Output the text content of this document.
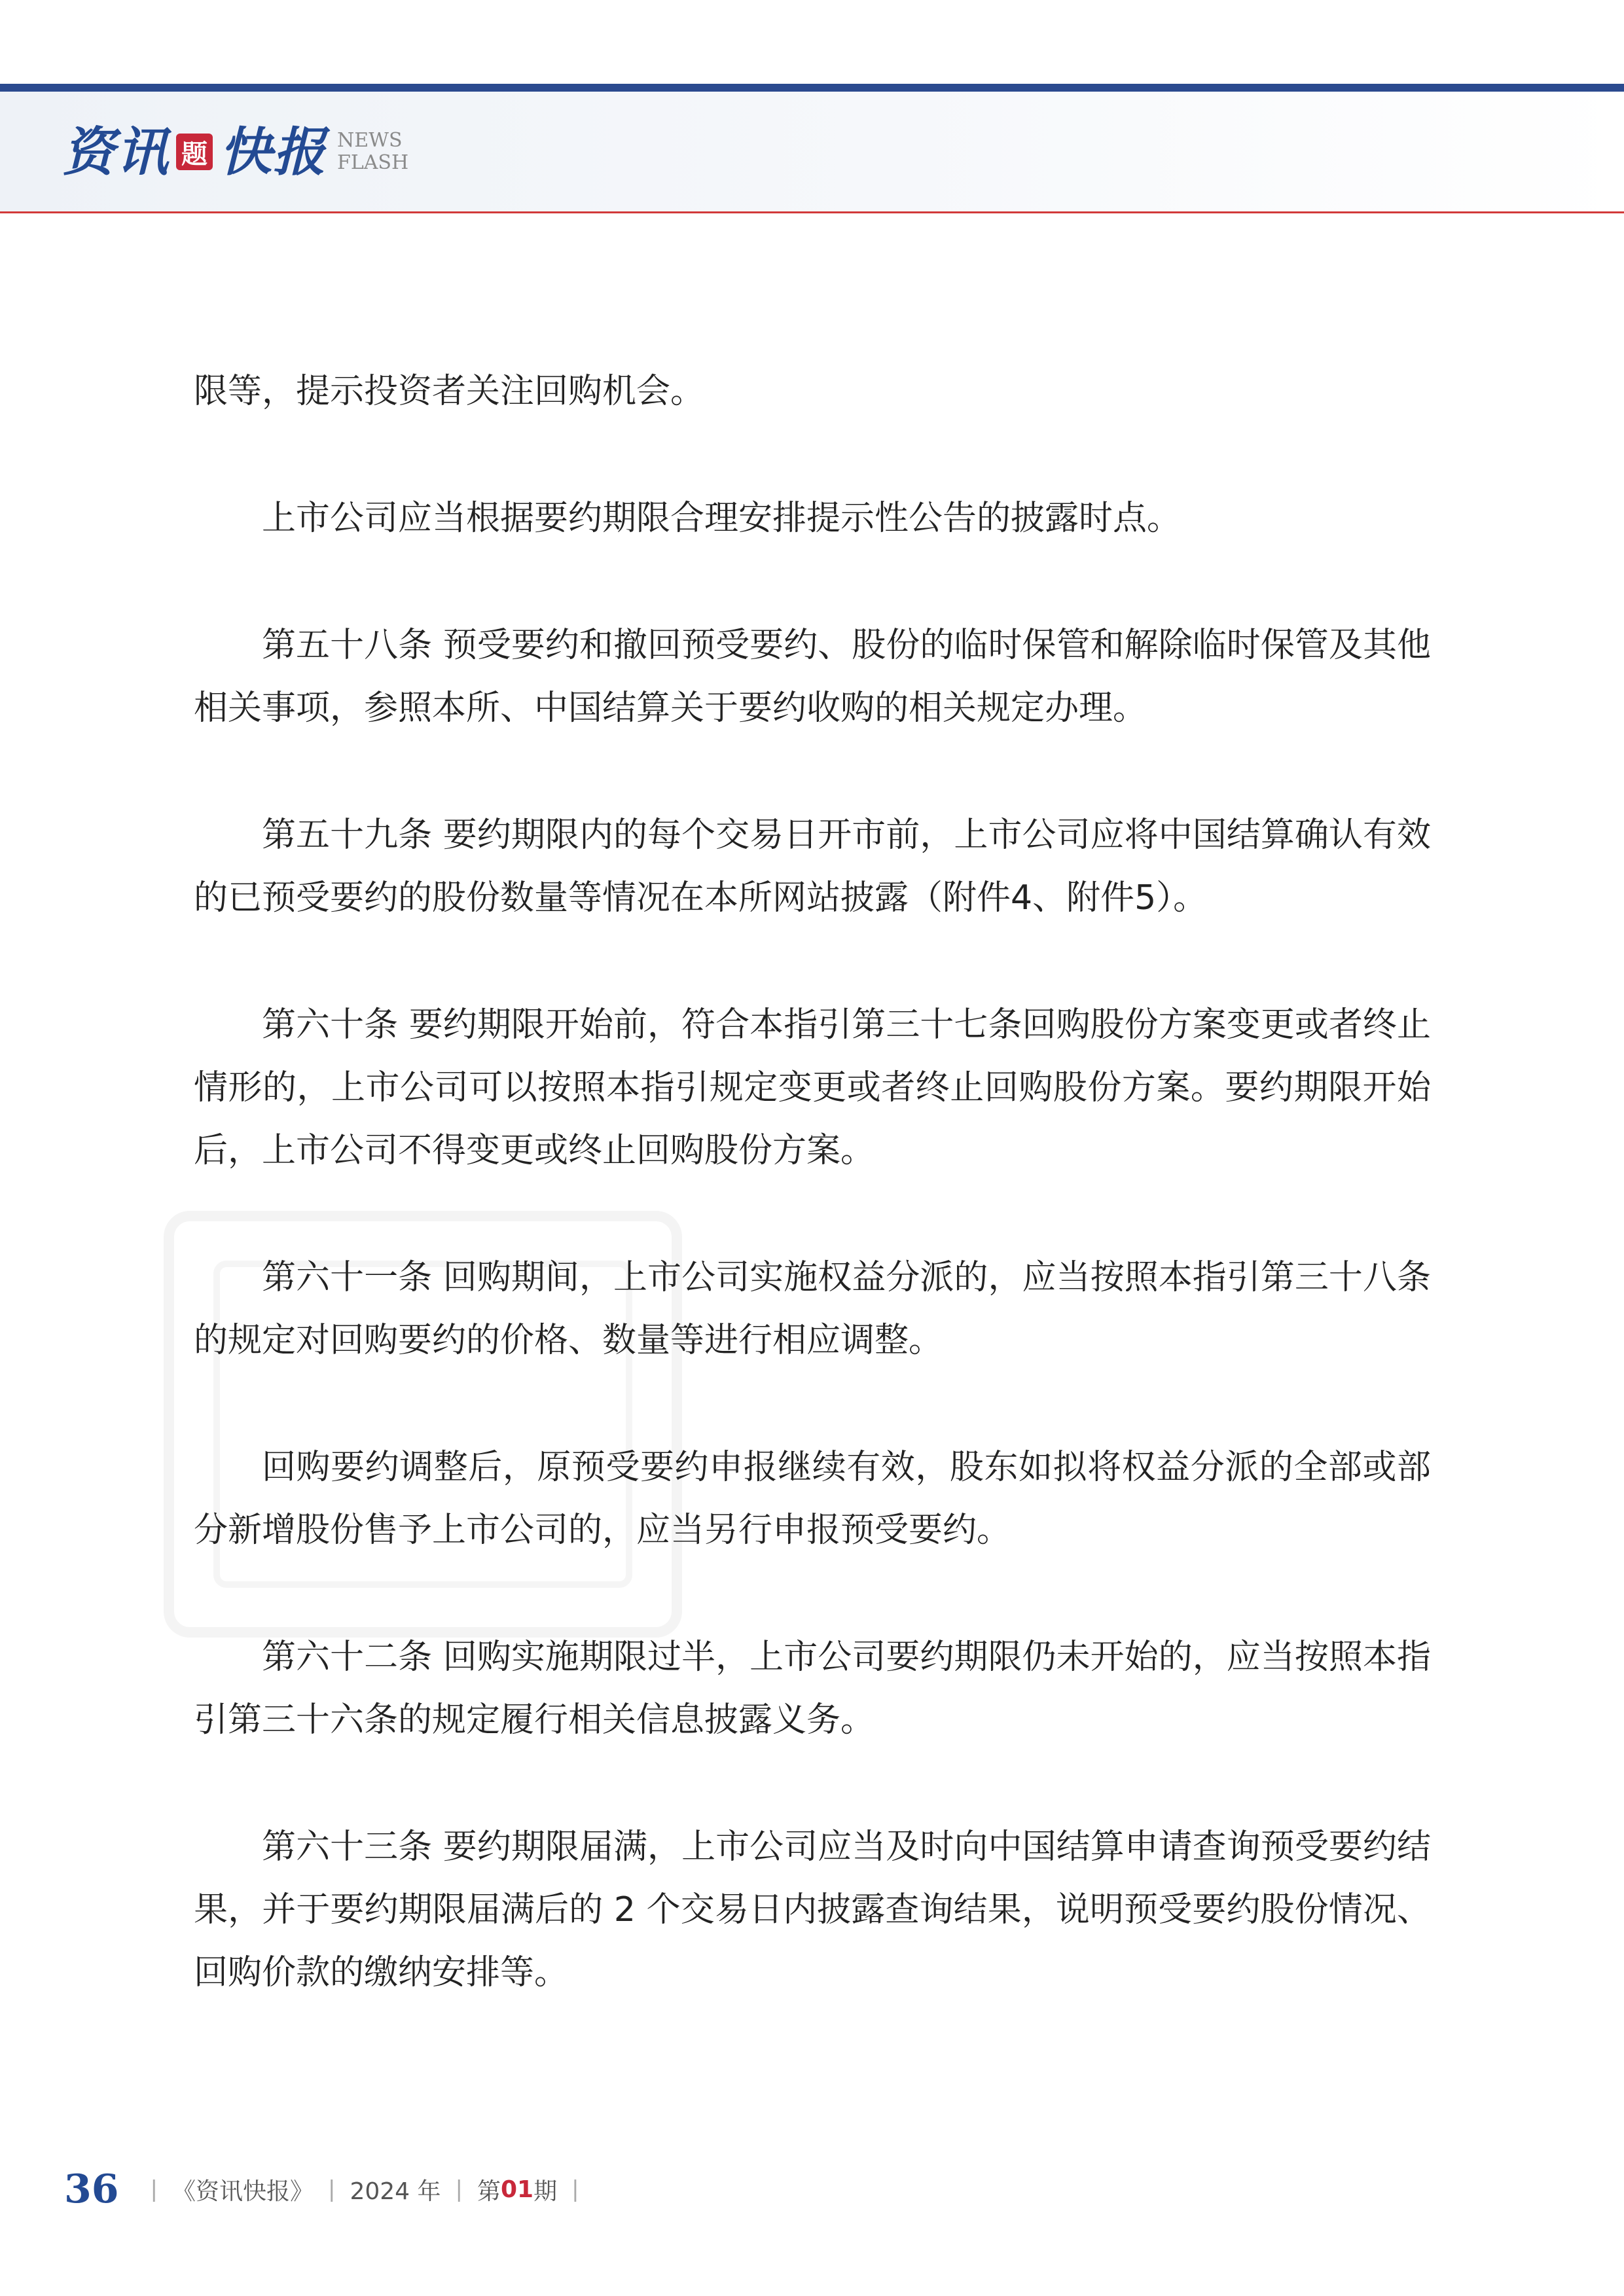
资讯 题 快报 NEWS
FLASH

限等，提示投资者关注回购机会。

上市公司应当根据要约期限合理安排提示性公告的披露时点。

第五十八条 预受要约和撤回预受要约、股份的临时保管和解除临时保管及其他相关事项，参照本所、中国结算关于要约收购的相关规定办理。

第五十九条 要约期限内的每个交易日开市前，上市公司应将中国结算确认有效的已预受要约的股份数量等情况在本所网站披露（附件4、附件5）。

第六十条 要约期限开始前，符合本指引第三十七条回购股份方案变更或者终止情形的，上市公司可以按照本指引规定变更或者终止回购股份方案。要约期限开始后，上市公司不得变更或终止回购股份方案。

第六十一条 回购期间，上市公司实施权益分派的，应当按照本指引第三十八条的规定对回购要约的价格、数量等进行相应调整。

回购要约调整后，原预受要约申报继续有效，股东如拟将权益分派的全部或部分新增股份售予上市公司的，应当另行申报预受要约。

第六十二条 回购实施期限过半，上市公司要约期限仍未开始的，应当按照本指引第三十六条的规定履行相关信息披露义务。

第六十三条 要约期限届满，上市公司应当及时向中国结算申请查询预受要约结果，并于要约期限届满后的 2 个交易日内披露查询结果，说明预受要约股份情况、回购价款的缴纳安排等。

36 | 《资讯快报》 | 2024 年 | 第 01 期 |
